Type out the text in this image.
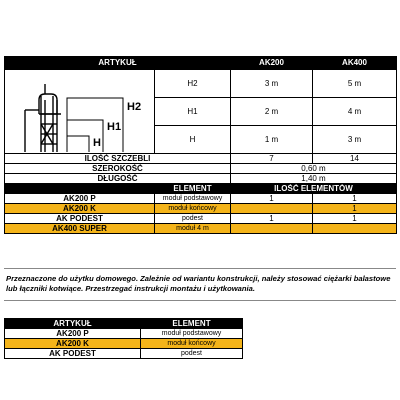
ARTYKUŁ		AK200	AK400

H2
H1
H	H2	3 m	5 m
	H1	2 m	4 m
	H	1 m	3 m
ILOŚĆ SZCZEBLI		7	14
SZEROKOŚĆ		0,60 m	
DŁUGOŚĆ		1,40 m	
	ELEMENT	ILOŚĆ ELEMENTÓW	
AK200 P	moduł podstawowy	1	1
AK200 K	moduł końcowy		1
AK PODEST	podest	1	1
AK400 SUPER	moduł 4 m		
Przeznaczone do użytku domowego. Zależnie od wariantu konstrukcji, należy stosować ciężarki balastowe lub łączniki kotwiące. Przestrzegać instrukcji montażu i użytkowania.
ARTYKUŁ	ELEMENT
AK200 P	moduł podstawowy
AK200 K	moduł końcowy
AK PODEST	podest
